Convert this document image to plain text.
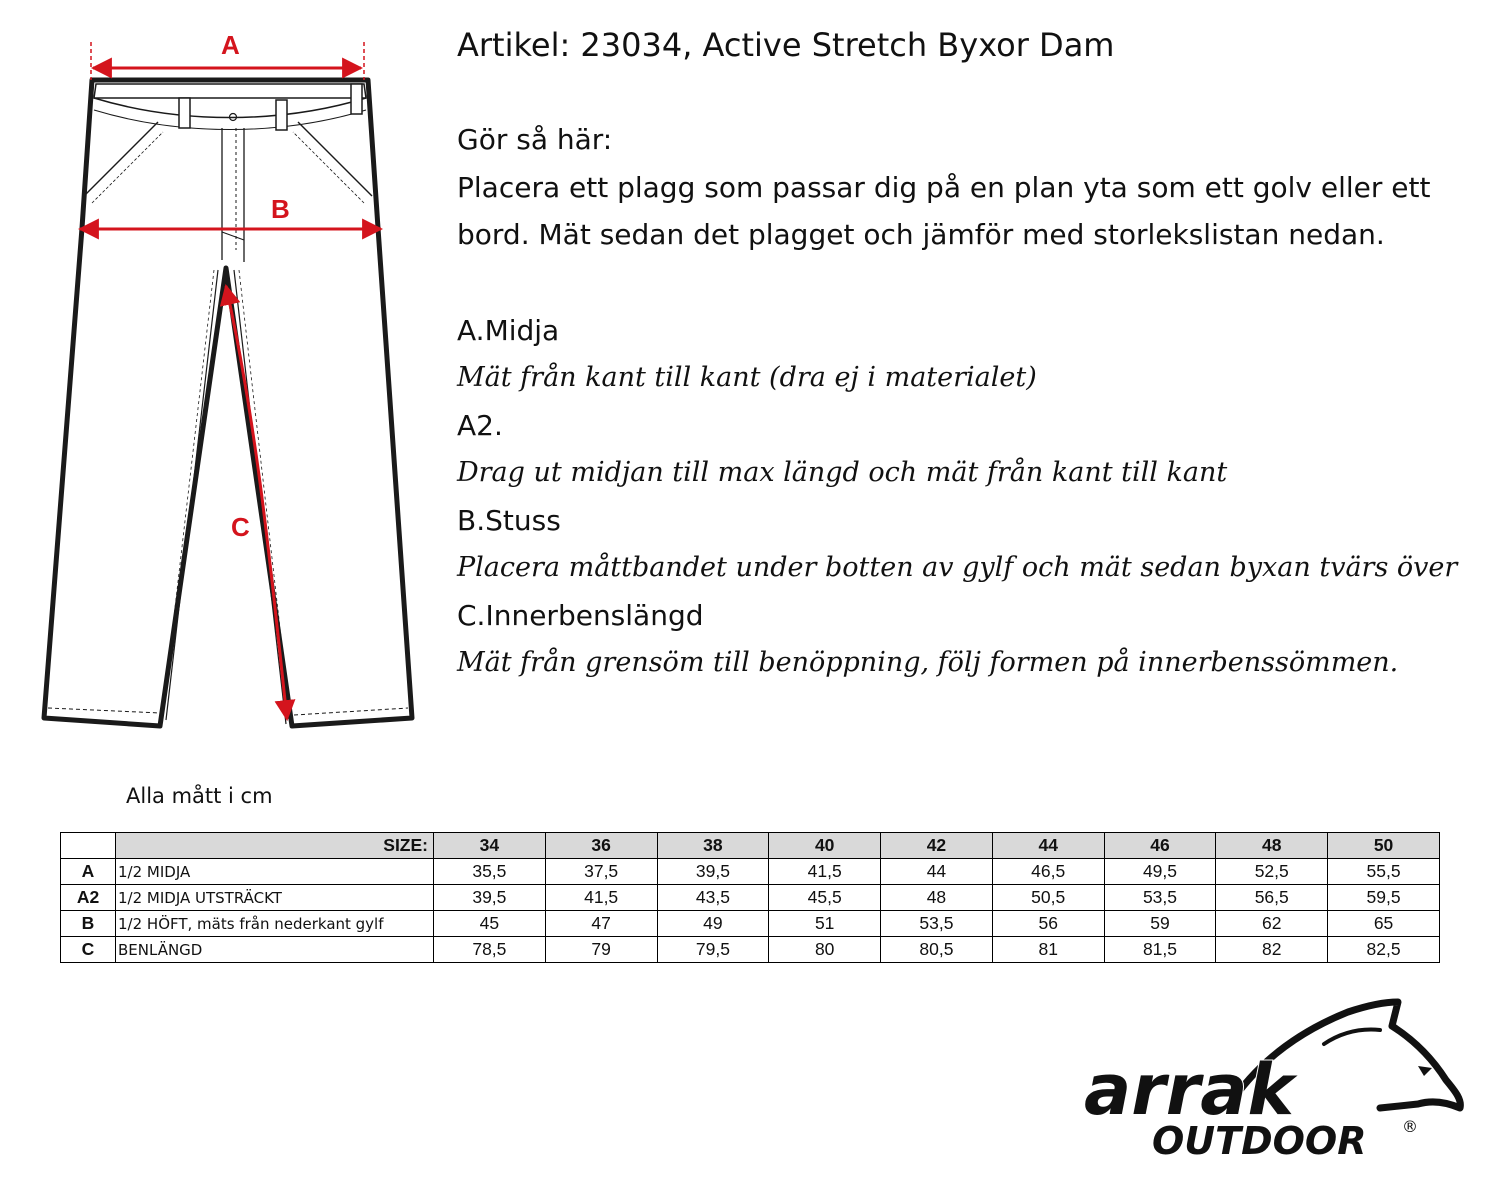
A
B
C
Artikel: 23034, Active Stretch Byxor Dam

Gör så här:

Placera ett plagg som passar dig på en plan yta som ett golv eller ett bord. Mät sedan det plagget och jämför med storlekslistan nedan.

A.Midja

Mät från kant till kant (dra ej i materialet)

A2.

Drag ut midjan till max längd och mät från kant till kant

B.Stuss

Placera måttbandet under botten av gylf och mät sedan byxan tvärs över

C.Innerbenslängd

Mät från grensöm till benöppning, följ formen på innerbenssömmen.

Alla mått i cm
	SIZE:	34	36	38	40	42	44	46	48	50
A	1/2 MIDJA	35,5	37,5	39,5	41,5	44	46,5	49,5	52,5	55,5
A2	1/2 MIDJA UTSTRÄCKT	39,5	41,5	43,5	45,5	48	50,5	53,5	56,5	59,5
B	1/2 HÖFT, mäts från nederkant gylf	45	47	49	51	53,5	56	59	62	65
C	BENLÄNGD	78,5	79	79,5	80	80,5	81	81,5	82	82,5
arrak
OUTDOOR ®
